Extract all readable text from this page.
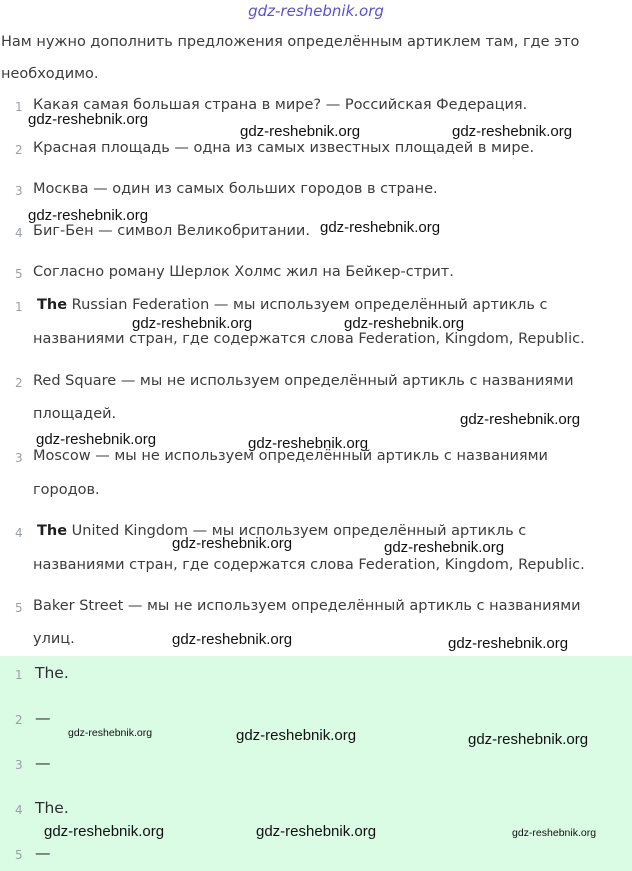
gdz-reshebnik.org
Нам нужно дополнить предложения определённым артиклем там, где это
необходимо.
1 Какая самая большая страна в мире? — Российская Федерация.
2 Красная площадь — одна из самых известных площадей в мире.
3 Москва — один из самых больших городов в стране.
4 Биг-Бен — символ Великобритании.
5 Согласно роману Шерлок Холмс жил на Бейкер-стрит.
1 The Russian Federation — мы используем определённый артикль с
названиями стран, где содержатся слова Federation, Kingdom, Republic.
2 Red Square — мы не используем определённый артикль с названиями
площадей.
3 Moscow — мы не используем определённый артикль с названиями
городов.
4 The United Kingdom — мы используем определённый артикль с
названиями стран, где содержатся слова Federation, Kingdom, Republic.
5 Baker Street — мы не используем определённый артикль с названиями
улиц.
1 The.
2 —
3 —
4 The.
5 —
gdz-reshebnik.org
gdz-reshebnik.org	gdz-reshebnik.org
gdz-reshebnik.org
gdz-reshebnik.org
gdz-reshebnik.org	gdz-reshebnik.org
gdz-reshebnik.org
gdz-reshebnik.org	gdz-reshebnik.org
gdz-reshebnik.org	gdz-reshebnik.org
gdz-reshebnik.org	gdz-reshebnik.org
gdz-reshebnik.org	gdz-reshebnik.org	gdz-reshebnik.org
gdz-reshebnik.org	gdz-reshebnik.org	gdz-reshebnik.org
